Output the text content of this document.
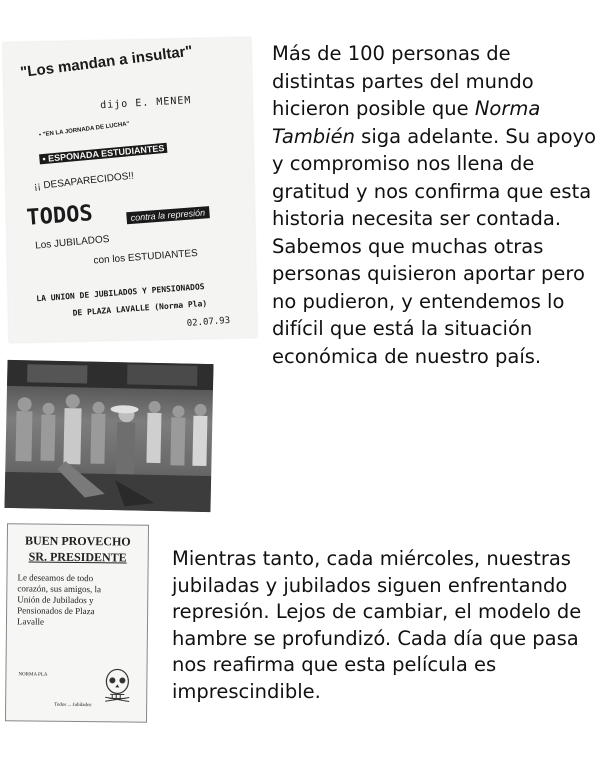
"Los mandan a insultar"
dijo E. MENEM
• "EN LA JORNADA DE LUCHA"
• ESPONADA ESTUDIANTES
¡¡ DESAPARECIDOS!!
TODOS	contra la represión
Los JUBILADOS
con los ESTUDIANTES
LA UNION DE JUBILADOS Y PENSIONADOS
DE PLAZA LAVALLE (Norma Pla)
02.07.93
BUEN PROVECHO
SR. PRESIDENTE
Le deseamos de todo corazón, sus amigos, la Unión de Jubilados y Pensionados de Plaza Lavalle
NORMA PLA
Todos ... Jubilados

Más de 100 personas de distintas partes del mundo hicieron posible que Norma También siga adelante. Su apoyo y compromiso nos llena de gratitud y nos confirma que esta historia necesita ser contada. Sabemos que muchas otras personas quisieron aportar pero no pudieron, y entendemos lo difícil que está la situación económica de nuestro país.

Mientras tanto, cada miércoles, nuestras jubiladas y jubilados siguen enfrentando represión. Lejos de cambiar, el modelo de hambre se profundizó. Cada día que pasa nos reafirma que esta película es imprescindible.
